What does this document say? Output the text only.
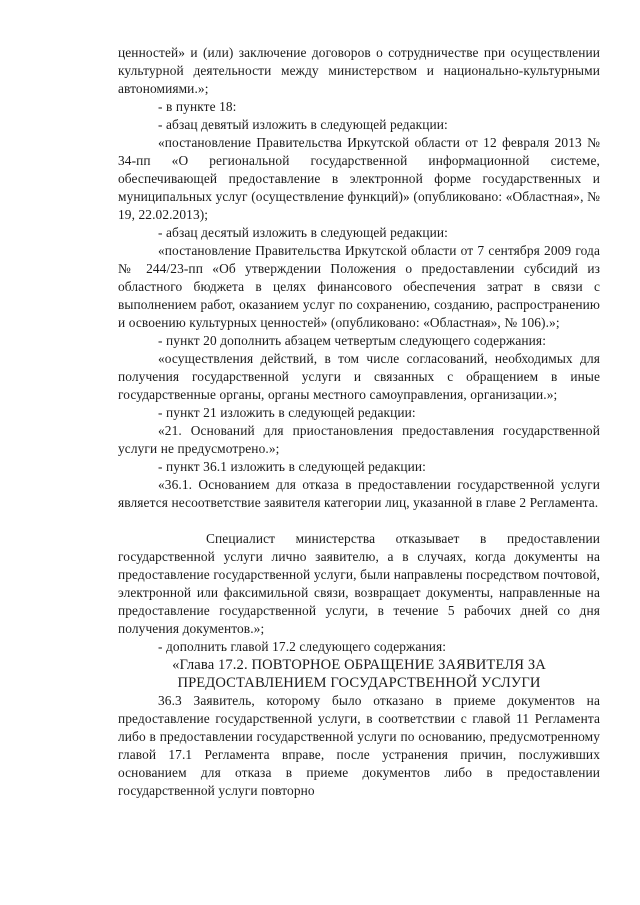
ценностей» и (или) заключение договоров о сотрудничестве при осуществлении культурной деятельности между министерством и национально-культурными автономиями.»;

- в пункте 18:

- абзац девятый изложить в следующей редакции:

«постановление Правительства Иркутской области от 12 февраля 2013 № 34-пп «О региональной государственной информационной системе, обеспечивающей предоставление в электронной форме государственных и муниципальных услуг (осуществление функций)» (опубликовано: «Областная», № 19, 22.02.2013);

- абзац десятый изложить в следующей редакции:

«постановление Правительства Иркутской области от 7 сентября 2009 года № 244/23-пп «Об утверждении Положения о предоставлении субсидий из областного бюджета в целях финансового обеспечения затрат в связи с выполнением работ, оказанием услуг по сохранению, созданию, распространению и освоению культурных ценностей» (опубликовано: «Областная», № 106).»;

- пункт 20 дополнить абзацем четвертым следующего содержания:

«осуществления действий, в том числе согласований, необходимых для получения государственной услуги и связанных с обращением в иные государственные органы, органы местного самоуправления, организации.»;

- пункт 21 изложить в следующей редакции:

«21. Оснований для приостановления предоставления государственной услуги не предусмотрено.»;

- пункт 36.1 изложить в следующей редакции:

«36.1. Основанием для отказа в предоставлении государственной услуги является несоответствие заявителя категории лиц, указанной в главе 2 Регламента.

Специалист министерства отказывает в предоставлении государственной услуги лично заявителю, а в случаях, когда документы на предоставление государственной услуги, были направлены посредством почтовой, электронной или факсимильной связи, возвращает документы, направленные на предоставление государственной услуги, в течение 5 рабочих дней со дня получения документов.»;

- дополнить главой 17.2 следующего содержания:

«Глава 17.2. ПОВТОРНОЕ ОБРАЩЕНИЕ ЗАЯВИТЕЛЯ ЗА ПРЕДОСТАВЛЕНИЕМ ГОСУДАРСТВЕННОЙ УСЛУГИ

36.3 Заявитель, которому было отказано в приеме документов на предоставление государственной услуги, в соответствии с главой 11 Регламента либо в предоставлении государственной услуги по основанию, предусмотренному главой 17.1 Регламента вправе, после устранения причин, послуживших основанием для отказа в приеме документов либо в предоставлении государственной услуги повторно
